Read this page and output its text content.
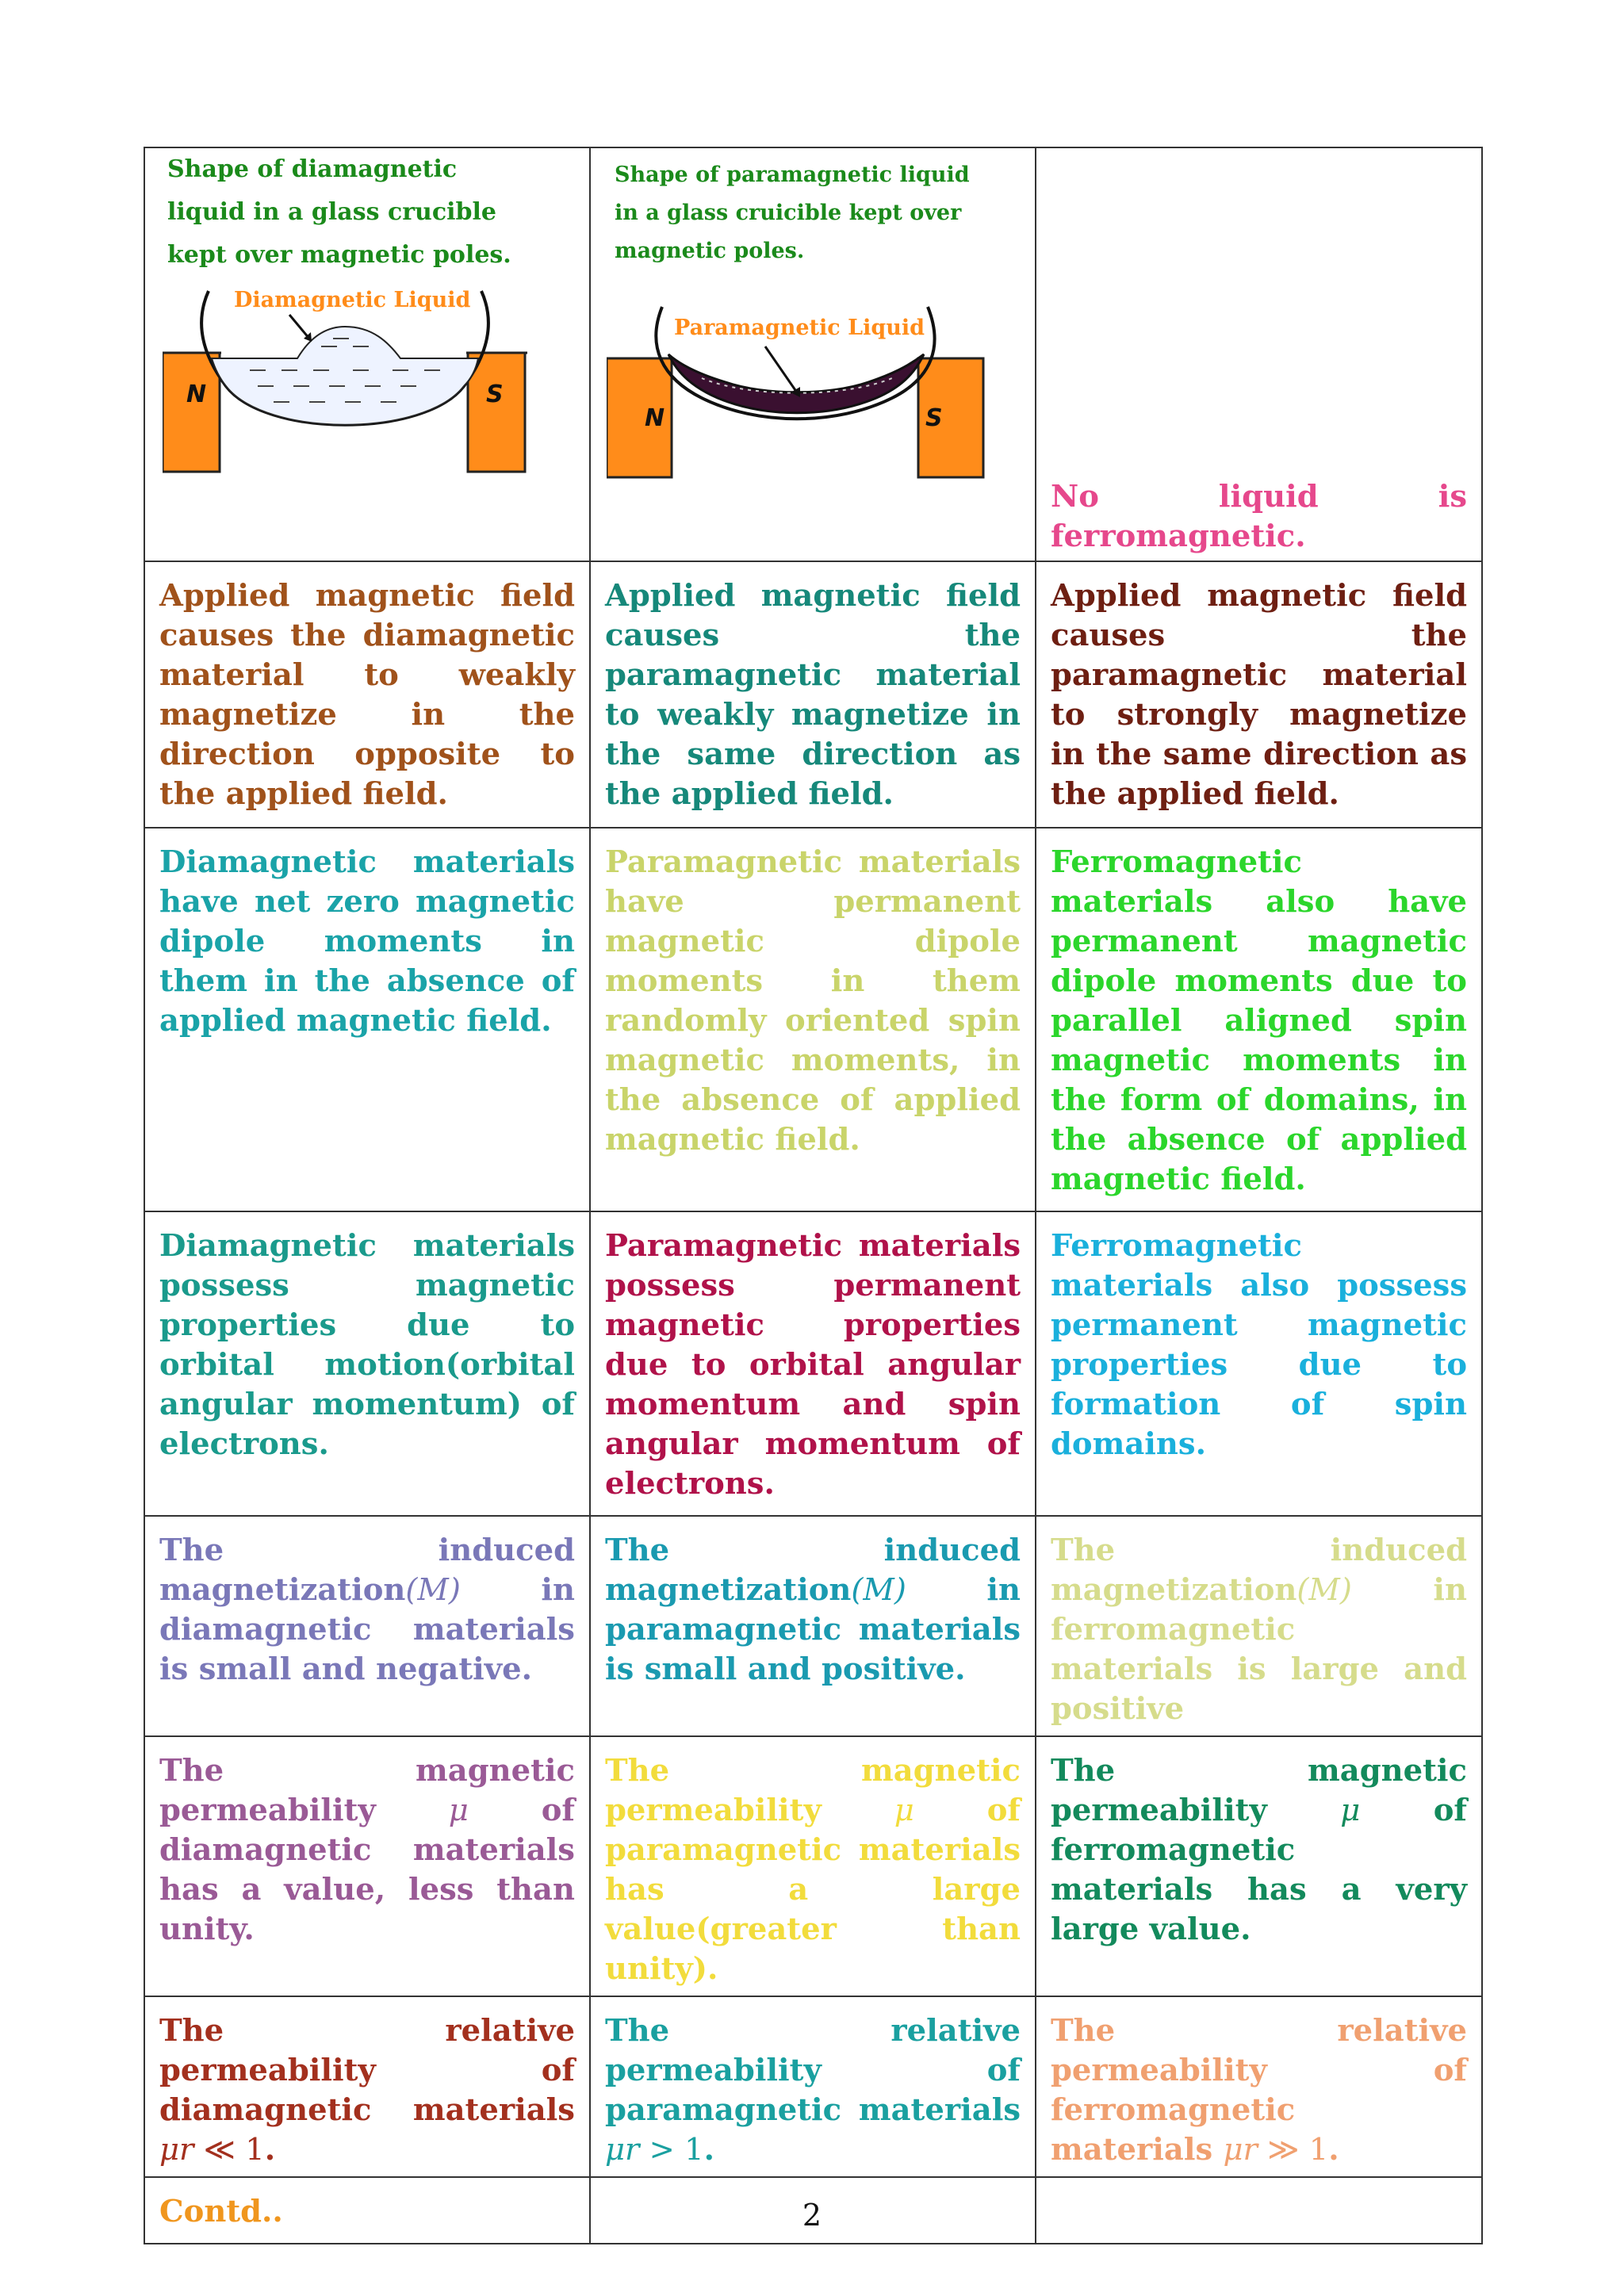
Shape of diamagnetic liquid in a glass crucible kept over magnetic poles.
N S
Diamagnetic Liquid	Shape of paramagnetic liquid in a glass cruicible kept over magnetic poles.
N S
Paramagnetic Liquid	No liquid is ferromagnetic.

Applied magnetic field causes the diamagnetic material to weakly magnetize in the direction opposite to the applied field.	Applied magnetic field causes the paramagnetic material to weakly magnetize in the same direction as the applied field.	Applied magnetic field causes the paramagnetic material to strongly magnetize in the same direction as the applied field.

Diamagnetic materials have net zero magnetic dipole moments in them in the absence of applied magnetic field.	Paramagnetic materials have permanent magnetic dipole moments in them randomly oriented spin magnetic moments, in the absence of applied magnetic field.	Ferromagnetic materials also have permanent magnetic dipole moments due to parallel aligned spin magnetic moments in the form of domains, in the absence of applied magnetic field.

Diamagnetic materials possess magnetic properties due to orbital motion(orbital angular momentum) of electrons.	Paramagnetic materials possess permanent magnetic properties due to orbital angular momentum and spin angular momentum of electrons.	Ferromagnetic materials also possess permanent magnetic properties due to formation of spin domains.

The induced magnetization(M) in diamagnetic materials is small and negative.	The induced magnetization(M) in paramagnetic materials is small and positive.	The induced magnetization(M) in ferromagnetic materials is large and positive

The magnetic permeability μ of diamagnetic materials has a value, less than unity.	The magnetic permeability μ of paramagnetic materials has a large value(greater than unity).	The magnetic permeability μ of ferromagnetic materials has a very large value.

The relative permeability of diamagnetic materials μr ≪ 1.	The relative permeability of paramagnetic materials μr > 1.	The relative permeability of ferromagnetic materials μr ≫ 1.

Contd..		

			2
